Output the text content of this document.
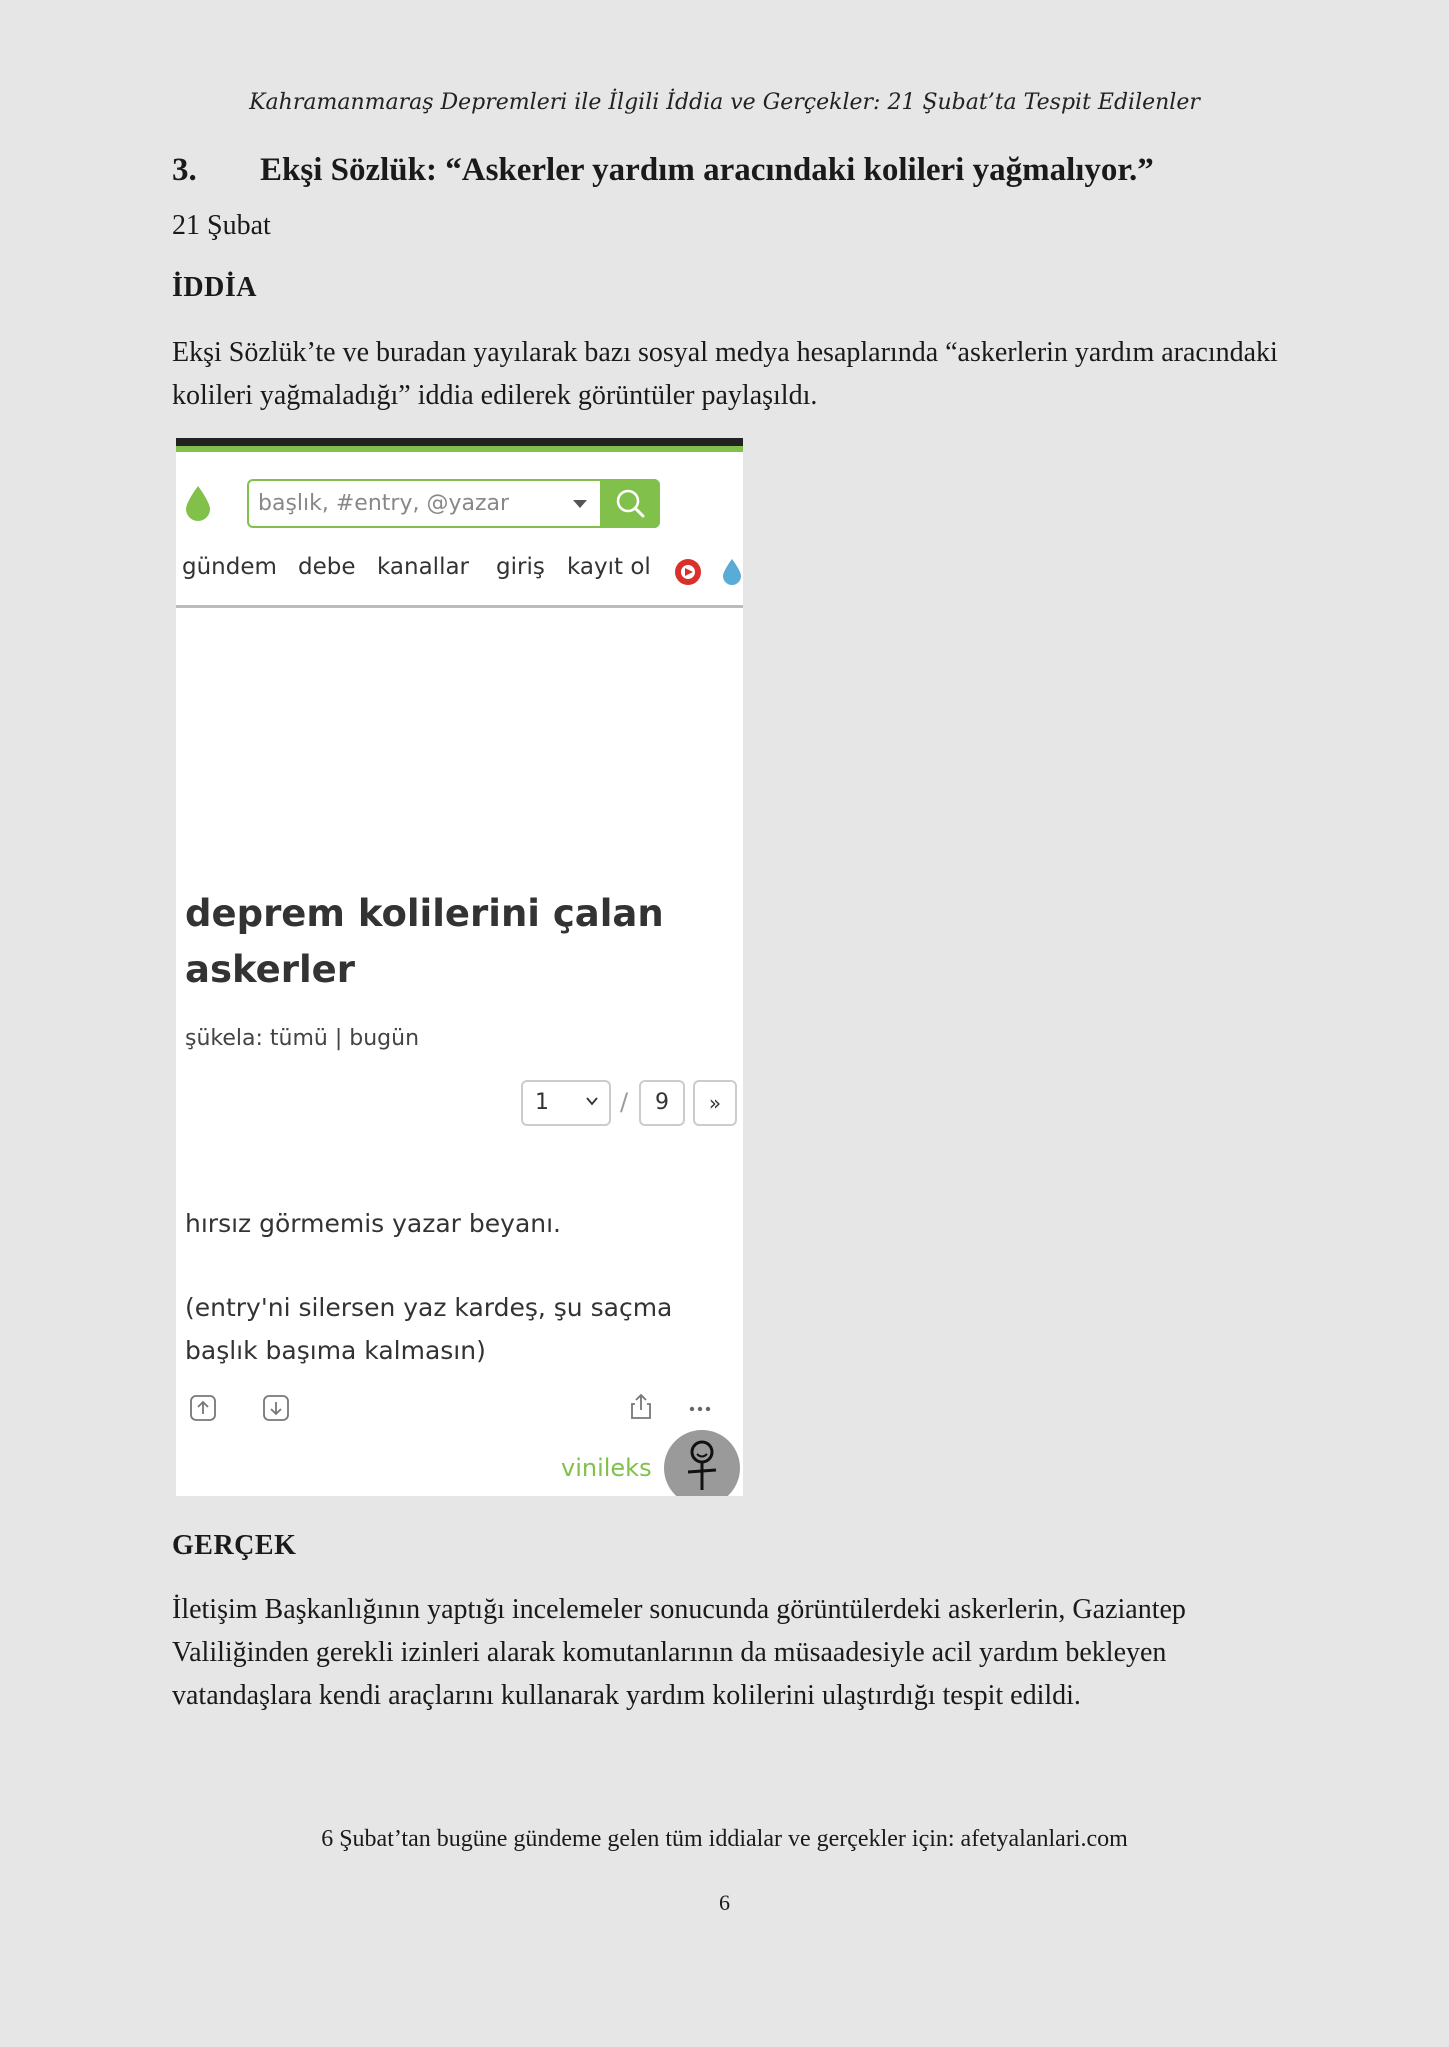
Kahramanmaraş Depremleri ile İlgili İddia ve Gerçekler: 21 Şubat’ta Tespit Edilenler
3. Ekşi Sözlük: “Askerler yardım aracındaki kolileri yağmalıyor.”
21 Şubat
İDDİA
Ekşi Sözlük’te ve buradan yayılarak bazı sosyal medya hesaplarında “askerlerin yardım aracındaki kolileri yağmaladığı” iddia edilerek görüntüler paylaşıldı.
başlık, #entry, @yazar
gündem debe kanallar giriş kayıt ol
deprem kolilerini çalan askerler
şükela: tümü | bugün
1	/	9	»
hırsız görmemis yazar beyanı.
(entry'ni silersen yaz kardeş, şu saçma başlık başıma kalmasın)
vinileks
GERÇEK
İletişim Başkanlığının yaptığı incelemeler sonucunda görüntülerdeki askerlerin, Gaziantep Valiliğinden gerekli izinleri alarak komutanlarının da müsaadesiyle acil yardım bekleyen vatandaşlara kendi araçlarını kullanarak yardım kolilerini ulaştırdığı tespit edildi.
6 Şubat’tan bugüne gündeme gelen tüm iddialar ve gerçekler için: afetyalanlari.com
6
